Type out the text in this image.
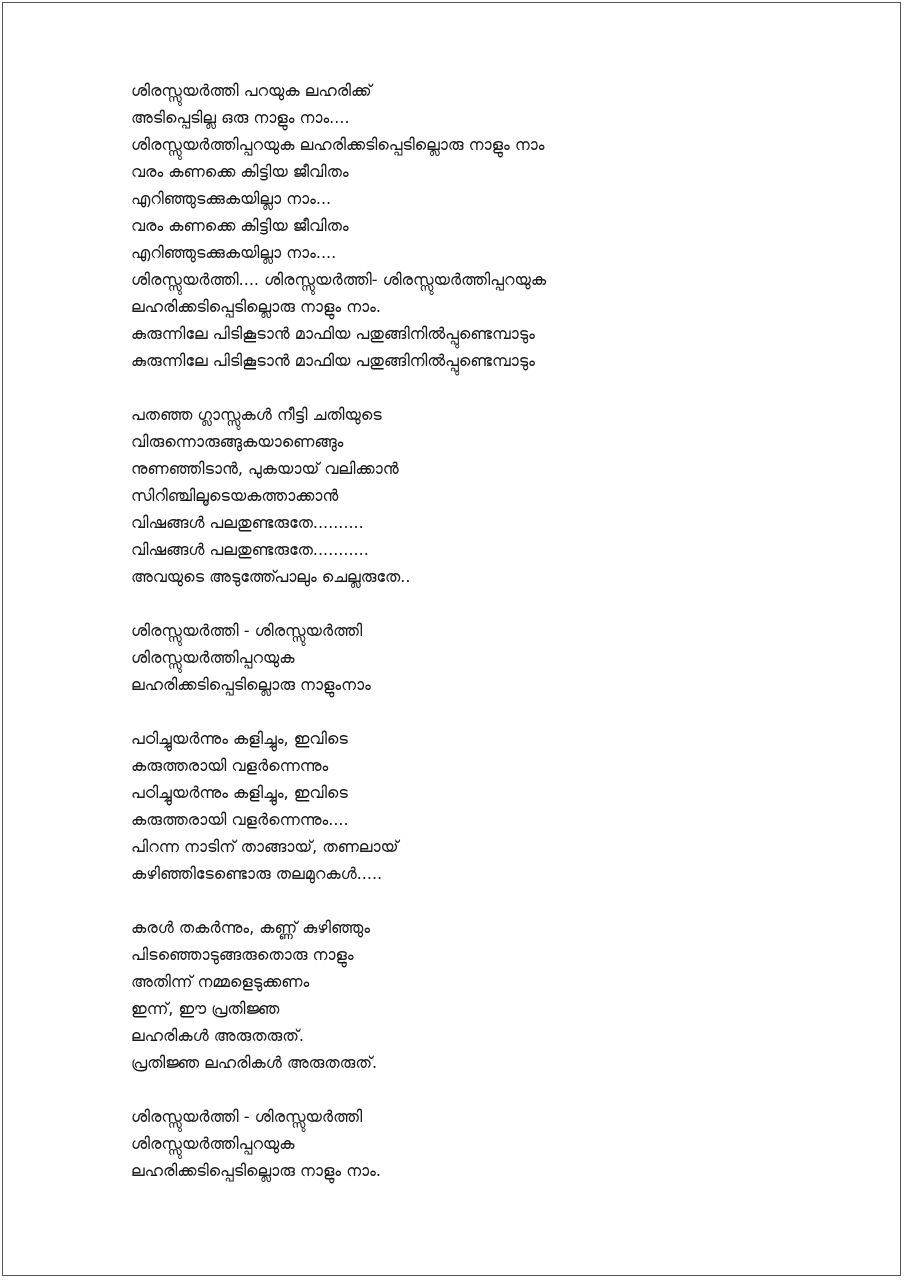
ശിരസ്സുയർത്തി പറയുക ലഹരിക്ക്
അടിപ്പെടില്ല ഒരു നാളും നാം....
ശിരസ്സുയർത്തിപ്പറയുക ലഹരിക്കടിപ്പെടില്ലൊരു നാളും നാം
വരം കണക്കെ കിട്ടിയ ജീവിതം
എറിഞ്ഞുടക്കുകയില്ലാ നാം...
വരം കണക്കെ കിട്ടിയ ജീവിതം
എറിഞ്ഞുടക്കുകയില്ലാ നാം....
ശിരസ്സുയർത്തി.... ശിരസ്സുയർത്തി- ശിരസ്സുയർത്തിപ്പറയുക
ലഹരിക്കടിപ്പെടില്ലൊരു നാളും നാം.
കുരുന്നിലേ പിടികൂടാൻ മാഫിയ പതുങ്ങിനിൽപ്പുണ്ടെമ്പാടും
കുരുന്നിലേ പിടികൂടാൻ മാഫിയ പതുങ്ങിനിൽപ്പുണ്ടെമ്പാടും
പതഞ്ഞ ഗ്ലാസ്സുകൾ നീട്ടി ചതിയുടെ
വിരുന്നൊരുങ്ങുകയാണെങ്ങും
നുണഞ്ഞിടാൻ, പുകയായ് വലിക്കാൻ
സിറിഞ്ചിലൂടെയകത്താക്കാൻ
വിഷങ്ങൾ പലതുണ്ടരുതേ..........
വിഷങ്ങൾ പലതുണ്ടരുതേ...........
അവയുടെ അടുത്ത്പോലും ചെല്ലരുതേ..
ശിരസ്സുയർത്തി - ശിരസ്സുയർത്തി
ശിരസ്സുയർത്തിപ്പറയുക
ലഹരിക്കടിപ്പെടില്ലൊരു നാളുംനാം
പഠിച്ചുയർന്നും കളിച്ചും, ഇവിടെ
കരുത്തരായി വളർന്നെന്നും
പഠിച്ചുയർന്നും കളിച്ചും, ഇവിടെ
കരുത്തരായി വളർന്നെന്നും....
പിറന്ന നാടിന് താങ്ങായ്, തണലായ്
കഴിഞ്ഞിടേണ്ടൊരു തലമുറകൾ.....
കരൾ തകർന്നും, കണ്ണ് കുഴിഞ്ഞും
പിടഞ്ഞൊടുങ്ങരുതൊരു നാളും
അതിന്ന് നമ്മളെടുക്കണം
ഇന്ന്, ഈ പ്രതിജ്ഞ
ലഹരികൾ അരുതരുത്.
പ്രതിജ്ഞ ലഹരികൾ അരുതരുത്.
ശിരസ്സുയർത്തി - ശിരസ്സുയർത്തി
ശിരസ്സുയർത്തിപ്പറയുക
ലഹരിക്കടിപ്പെടില്ലൊരു നാളും നാം.
